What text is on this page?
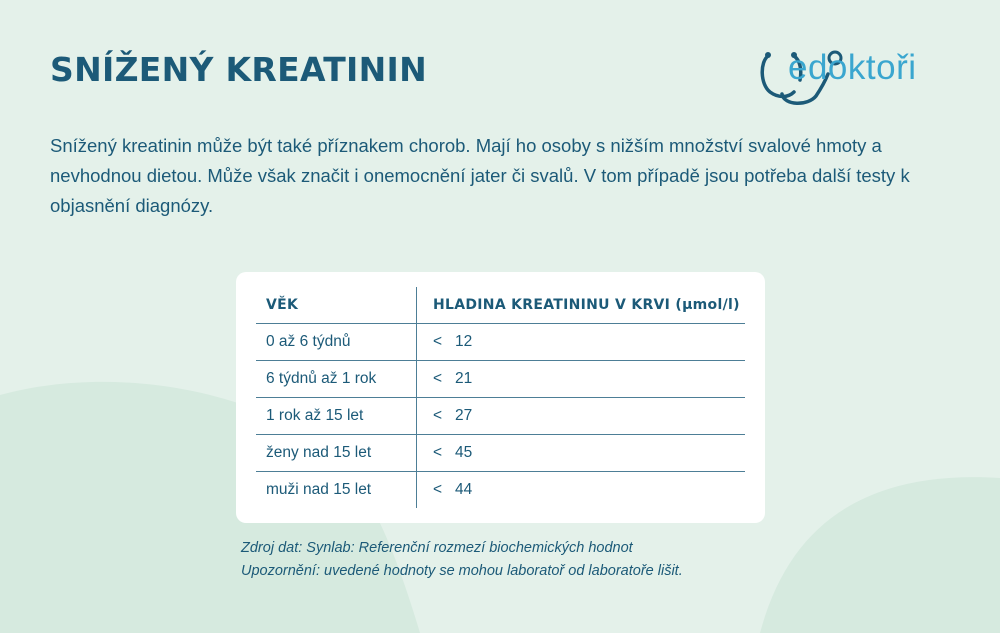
SNÍŽENÝ KREATININ	edoktoři

Snížený kreatinin může být také příznakem chorob. Mají ho osoby s nižším množství svalové hmoty a nevhodnou dietou. Může však značit i onemocnění jater či svalů. V tom případě jsou potřeba další testy k objasnění diagnózy.

VĚK	HLADINA KREATININU V KRVI (µmol/l)
0 až 6 týdnů	< 12
6 týdnů až 1 rok	< 21
1 rok až 15 let	< 27
ženy nad 15 let	< 45
muži nad 15 let	< 44
Zdroj dat: Synlab: Referenční rozmezí biochemických hodnot
Upozornění: uvedené hodnoty se mohou laboratoř od laboratoře lišit.
